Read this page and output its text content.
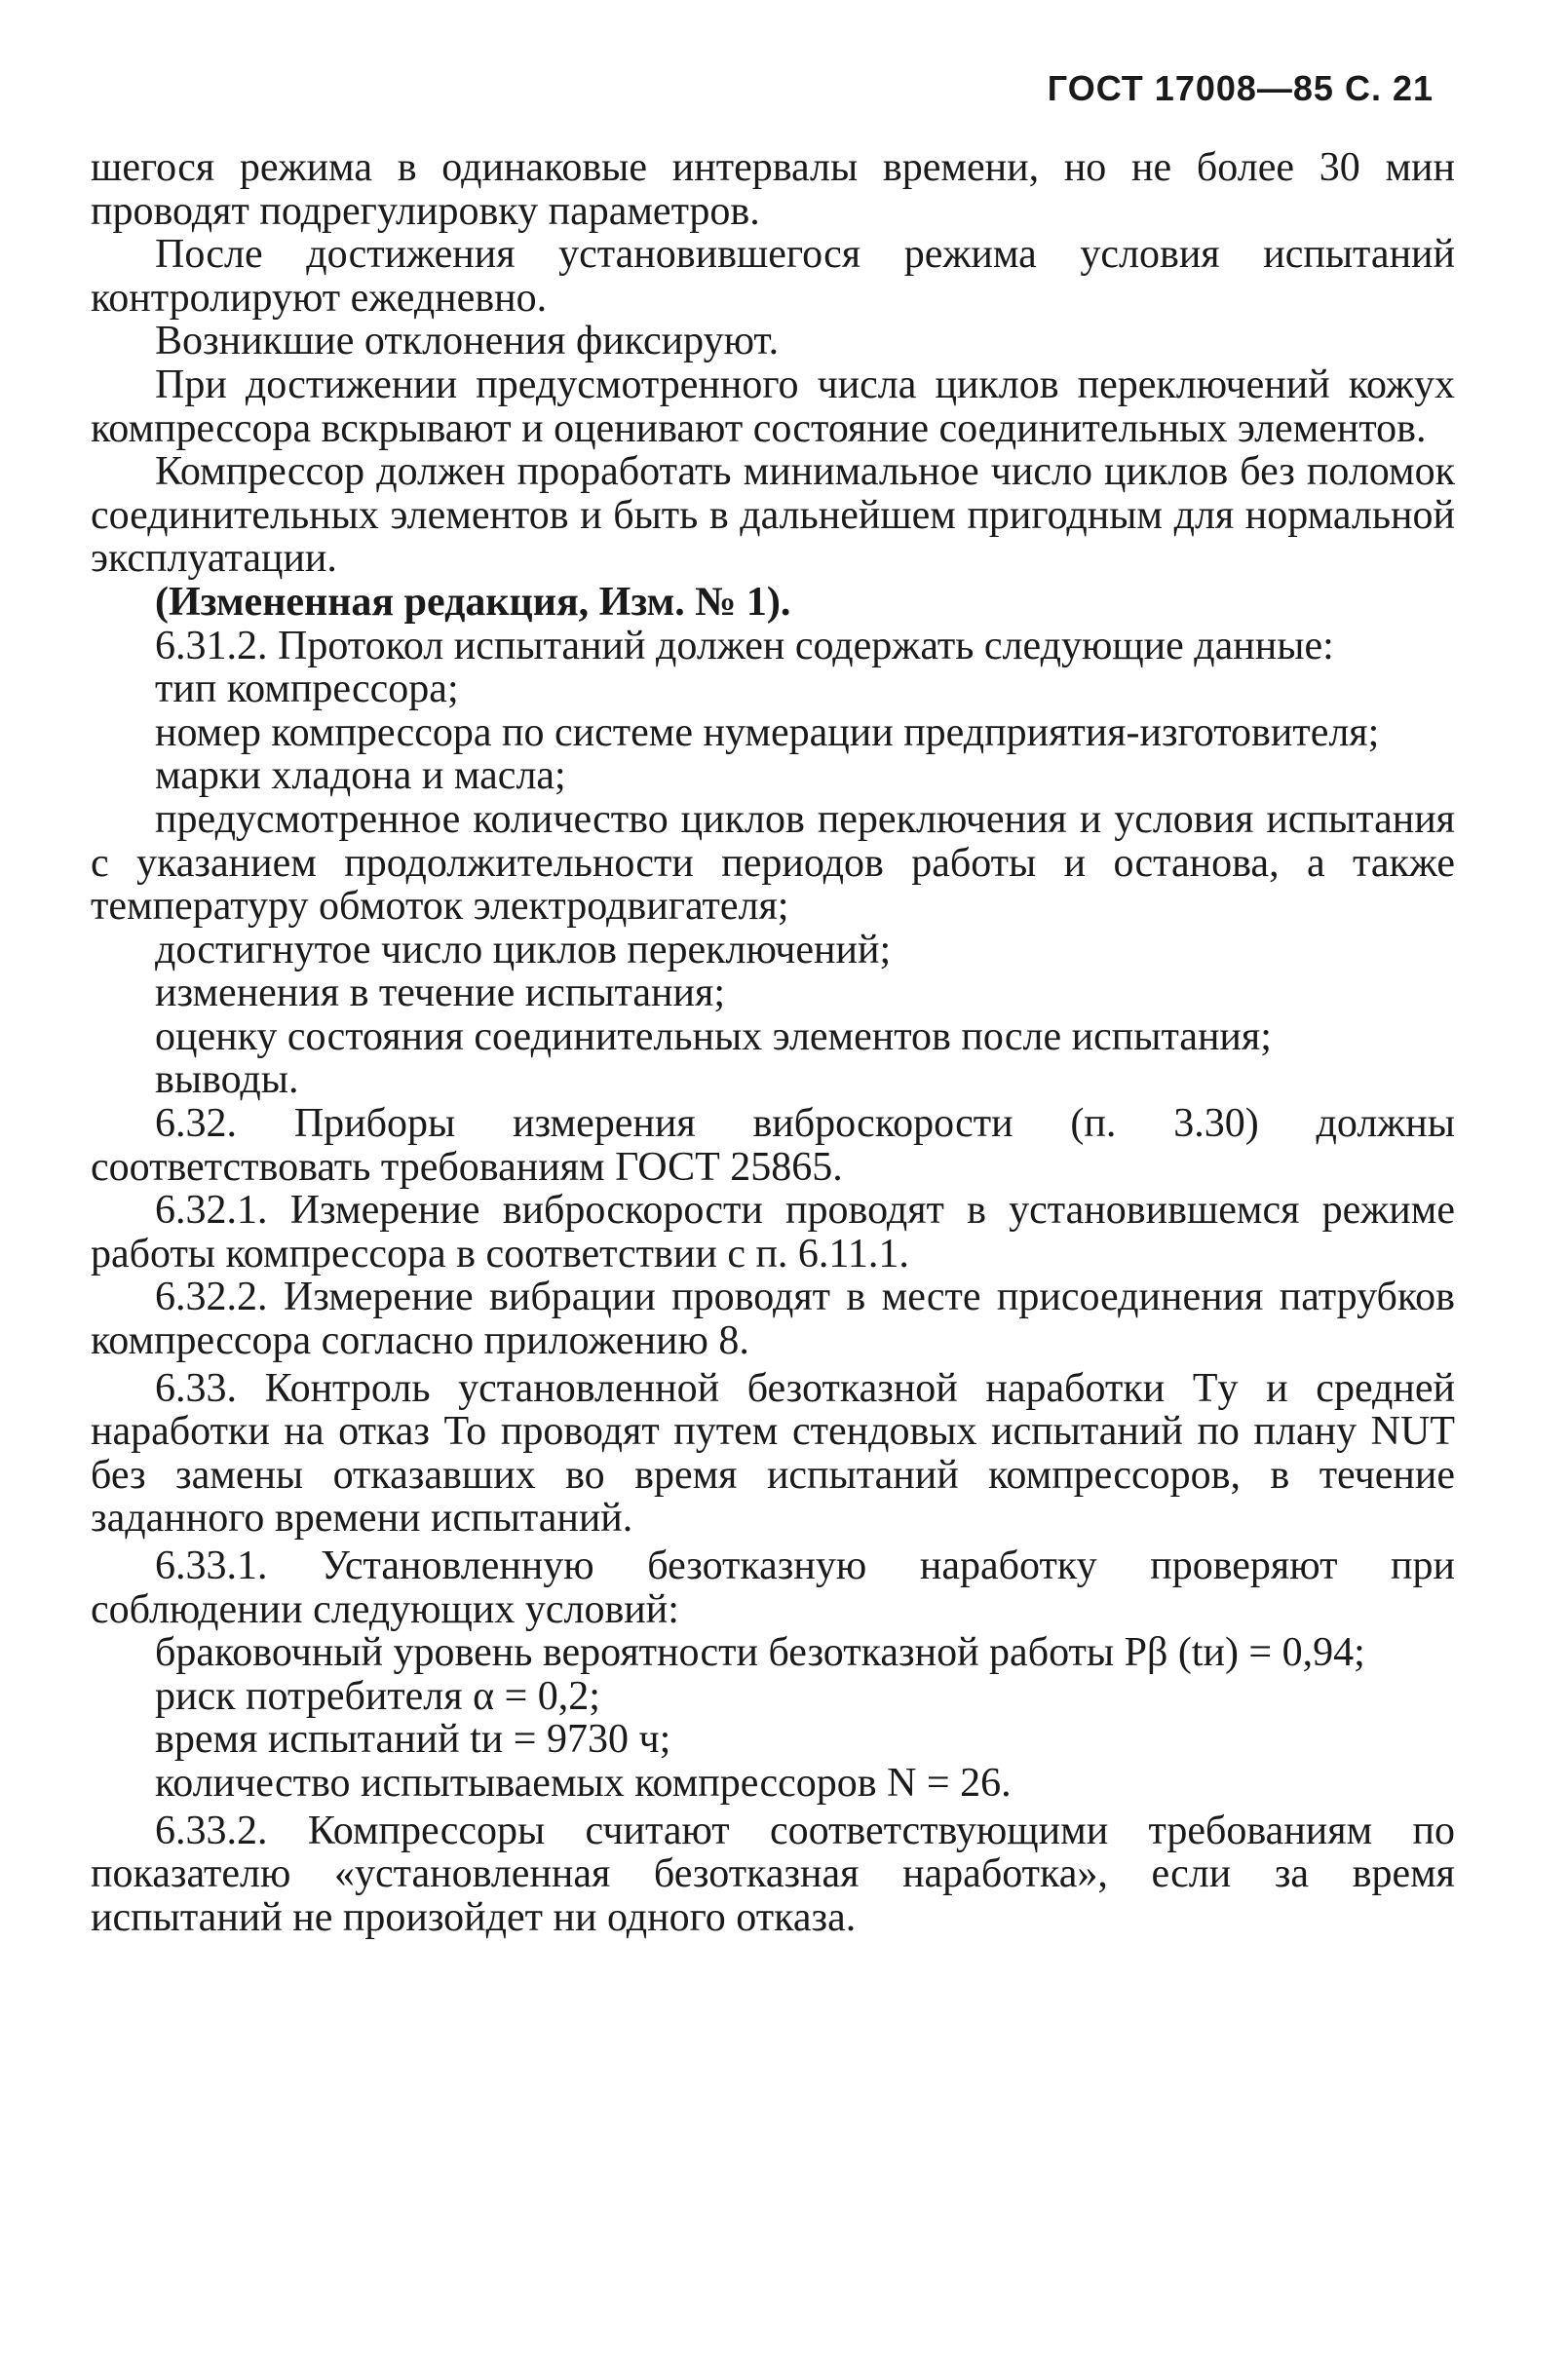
ГОСТ 17008—85 С. 21

шегося режима в одинаковые интервалы времени, но не более 30 мин проводят подрегулировку параметров.

После достижения установившегося режима условия испытаний контролируют ежедневно.

Возникшие отклонения фиксируют.

При достижении предусмотренного числа циклов переключений кожух компрессора вскрывают и оценивают состояние соединительных элементов.

Компрессор должен проработать минимальное число циклов без поломок соединительных элементов и быть в дальнейшем пригодным для нормальной эксплуатации.

(Измененная редакция, Изм. № 1).

6.31.2. Протокол испытаний должен содержать следующие данные:

тип компрессора;

номер компрессора по системе нумерации предприятия-изготовителя;

марки хладона и масла;

предусмотренное количество циклов переключения и условия испытания с указанием продолжительности периодов работы и останова, а также температуру обмоток электродвигателя;

достигнутое число циклов переключений;

изменения в течение испытания;

оценку состояния соединительных элементов после испытания;

выводы.

6.32. Приборы измерения виброскорости (п. 3.30) должны соответствовать требованиям ГОСТ 25865.

6.32.1. Измерение виброскорости проводят в установившемся режиме работы компрессора в соответствии с п. 6.11.1.

6.32.2. Измерение вибрации проводят в месте присоединения патрубков компрессора согласно приложению 8.

6.33. Контроль установленной безотказной наработки Tу и средней наработки на отказ To проводят путем стендовых испытаний по плану NUT без замены отказавших во время испытаний компрессоров, в течение заданного времени испытаний.

6.33.1. Установленную безотказную наработку проверяют при соблюдении следующих условий:

браковочный уровень вероятности безотказной работы Pβ (tи) = 0,94;

риск потребителя α = 0,2;

время испытаний tи = 9730 ч;

количество испытываемых компрессоров N = 26.

6.33.2. Компрессоры считают соответствующими требованиям по показателю «установленная безотказная наработка», если за время испытаний не произойдет ни одного отказа.
